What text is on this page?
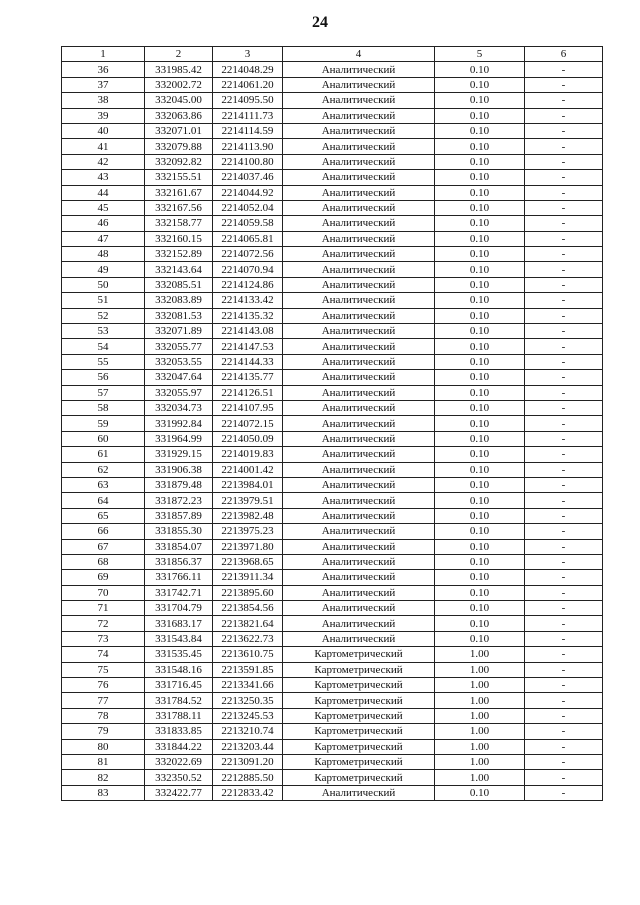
24
1	2	3	4	5	6
36	331985.42	2214048.29	Аналитический	0.10	-
37	332002.72	2214061.20	Аналитический	0.10	-
38	332045.00	2214095.50	Аналитический	0.10	-
39	332063.86	2214111.73	Аналитический	0.10	-
40	332071.01	2214114.59	Аналитический	0.10	-
41	332079.88	2214113.90	Аналитический	0.10	-
42	332092.82	2214100.80	Аналитический	0.10	-
43	332155.51	2214037.46	Аналитический	0.10	-
44	332161.67	2214044.92	Аналитический	0.10	-
45	332167.56	2214052.04	Аналитический	0.10	-
46	332158.77	2214059.58	Аналитический	0.10	-
47	332160.15	2214065.81	Аналитический	0.10	-
48	332152.89	2214072.56	Аналитический	0.10	-
49	332143.64	2214070.94	Аналитический	0.10	-
50	332085.51	2214124.86	Аналитический	0.10	-
51	332083.89	2214133.42	Аналитический	0.10	-
52	332081.53	2214135.32	Аналитический	0.10	-
53	332071.89	2214143.08	Аналитический	0.10	-
54	332055.77	2214147.53	Аналитический	0.10	-
55	332053.55	2214144.33	Аналитический	0.10	-
56	332047.64	2214135.77	Аналитический	0.10	-
57	332055.97	2214126.51	Аналитический	0.10	-
58	332034.73	2214107.95	Аналитический	0.10	-
59	331992.84	2214072.15	Аналитический	0.10	-
60	331964.99	2214050.09	Аналитический	0.10	-
61	331929.15	2214019.83	Аналитический	0.10	-
62	331906.38	2214001.42	Аналитический	0.10	-
63	331879.48	2213984.01	Аналитический	0.10	-
64	331872.23	2213979.51	Аналитический	0.10	-
65	331857.89	2213982.48	Аналитический	0.10	-
66	331855.30	2213975.23	Аналитический	0.10	-
67	331854.07	2213971.80	Аналитический	0.10	-
68	331856.37	2213968.65	Аналитический	0.10	-
69	331766.11	2213911.34	Аналитический	0.10	-
70	331742.71	2213895.60	Аналитический	0.10	-
71	331704.79	2213854.56	Аналитический	0.10	-
72	331683.17	2213821.64	Аналитический	0.10	-
73	331543.84	2213622.73	Аналитический	0.10	-
74	331535.45	2213610.75	Картометрический	1.00	-
75	331548.16	2213591.85	Картометрический	1.00	-
76	331716.45	2213341.66	Картометрический	1.00	-
77	331784.52	2213250.35	Картометрический	1.00	-
78	331788.11	2213245.53	Картометрический	1.00	-
79	331833.85	2213210.74	Картометрический	1.00	-
80	331844.22	2213203.44	Картометрический	1.00	-
81	332022.69	2213091.20	Картометрический	1.00	-
82	332350.52	2212885.50	Картометрический	1.00	-
83	332422.77	2212833.42	Аналитический	0.10	-
